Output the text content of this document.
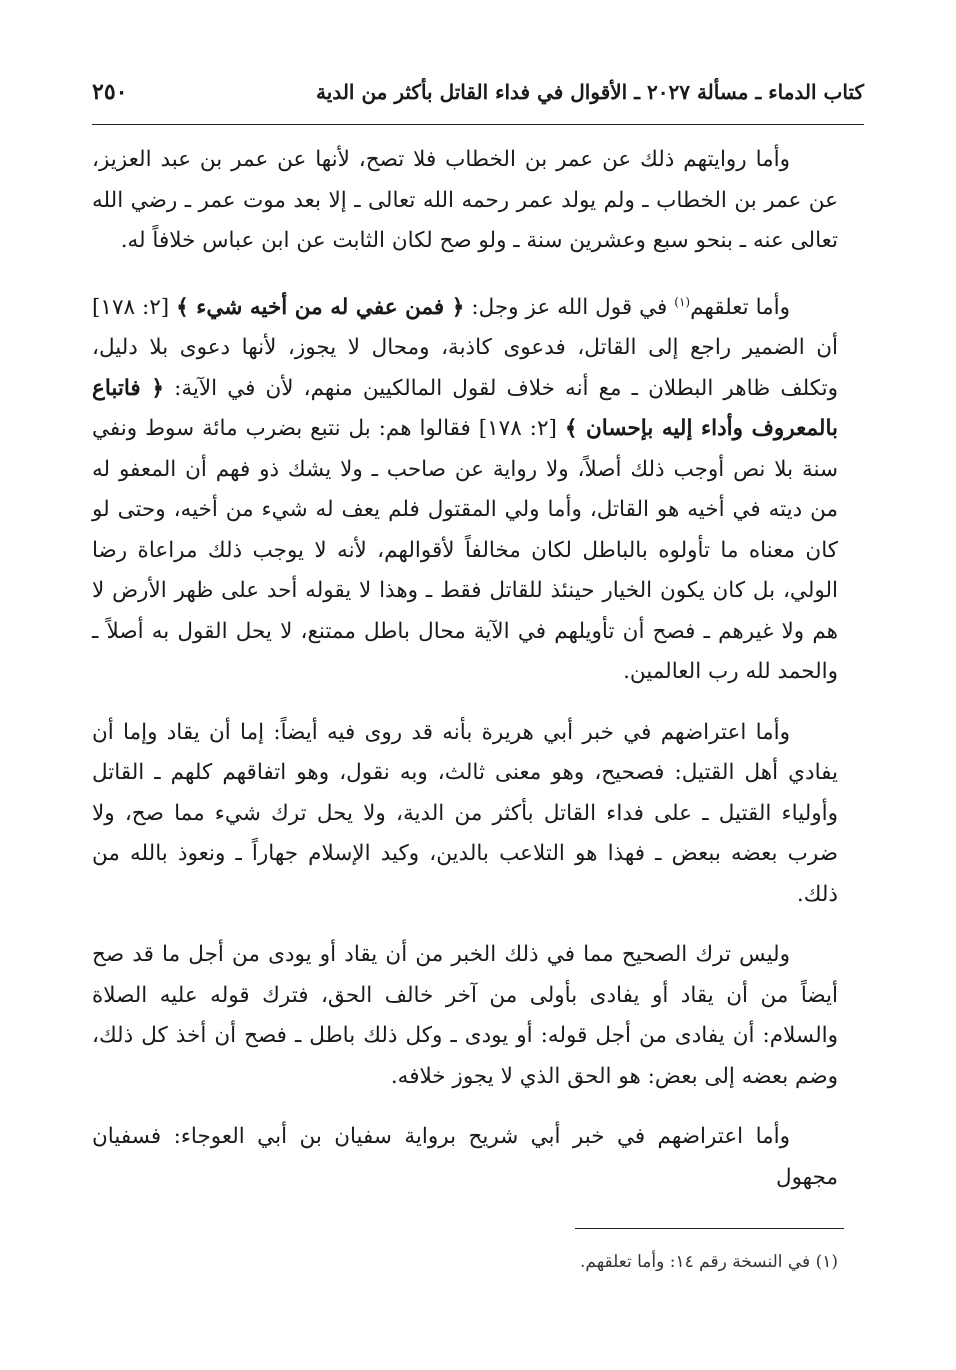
كتاب الدماء ـ مسألة ٢٠٢٧ ـ الأقوال في فداء القاتل بأكثر من الدية
٢٥٠

وأما روايتهم ذلك عن عمر بن الخطاب فلا تصح، لأنها عن عمر بن عبد العزيز، عن عمر بن الخطاب ـ ولم يولد عمر رحمه الله تعالى ـ إلا بعد موت عمر ـ رضي الله تعالى عنه ـ بنحو سبع وعشرين سنة ـ ولو صح لكان الثابت عن ابن عباس خلافاً له.

وأما تعلقهم$^{(١)}$ في قول الله عز وجل: ﴿ فمن عفي له من أخيه شيء ﴾ [٢: ١٧٨] أن الضمير راجع إلى القاتل، فدعوى كاذبة، ومحال لا يجوز، لأنها دعوى بلا دليل، وتكلف ظاهر البطلان ـ مع أنه خلاف لقول المالكيين منهم، لأن في الآية: ﴿ فاتباع بالمعروف وأداء إليه بإحسان ﴾ [٢: ١٧٨] فقالوا هم: بل نتبع بضرب مائة سوط ونفي سنة بلا نص أوجب ذلك أصلاً، ولا رواية عن صاحب ـ ولا يشك ذو فهم أن المعفو له من ديته في أخيه هو القاتل، وأما ولي المقتول فلم يعف له شيء من أخيه، وحتى لو كان معناه ما تأولوه بالباطل لكان مخالفاً لأقوالهم، لأنه لا يوجب ذلك مراعاة رضا الولي، بل كان يكون الخيار حينئذ للقاتل فقط ـ وهذا لا يقوله أحد على ظهر الأرض لا هم ولا غيرهم ـ فصح أن تأويلهم في الآية محال باطل ممتنع، لا يحل القول به أصلاً ـ والحمد لله رب العالمين.

وأما اعتراضهم في خبر أبي هريرة بأنه قد روى فيه أيضاً: إما أن يقاد وإما أن يفادي أهل القتيل: فصحيح، وهو معنى ثالث، وبه نقول، وهو اتفاقهم كلهم ـ القاتل وأولياء القتيل ـ على فداء القاتل بأكثر من الدية، ولا يحل ترك شيء مما صح، ولا ضرب بعضه ببعض ـ فهذا هو التلاعب بالدين، وكيد الإسلام جهاراً ـ ونعوذ بالله من ذلك.

وليس ترك الصحيح مما في ذلك الخبر من أن يقاد أو يودى من أجل ما قد صح أيضاً من أن يقاد أو يفادى بأولى من آخر خالف الحق، فترك قوله عليه الصلاة والسلام: أن يفادى من أجل قوله: أو يودى ـ وكل ذلك باطل ـ فصح أن أخذ كل ذلك، وضم بعضه إلى بعض: هو الحق الذي لا يجوز خلافه.

وأما اعتراضهم في خبر أبي شريح برواية سفيان بن أبي العوجاء: فسفيان مجهول

(١) في النسخة رقم ١٤: وأما تعلقهم.
